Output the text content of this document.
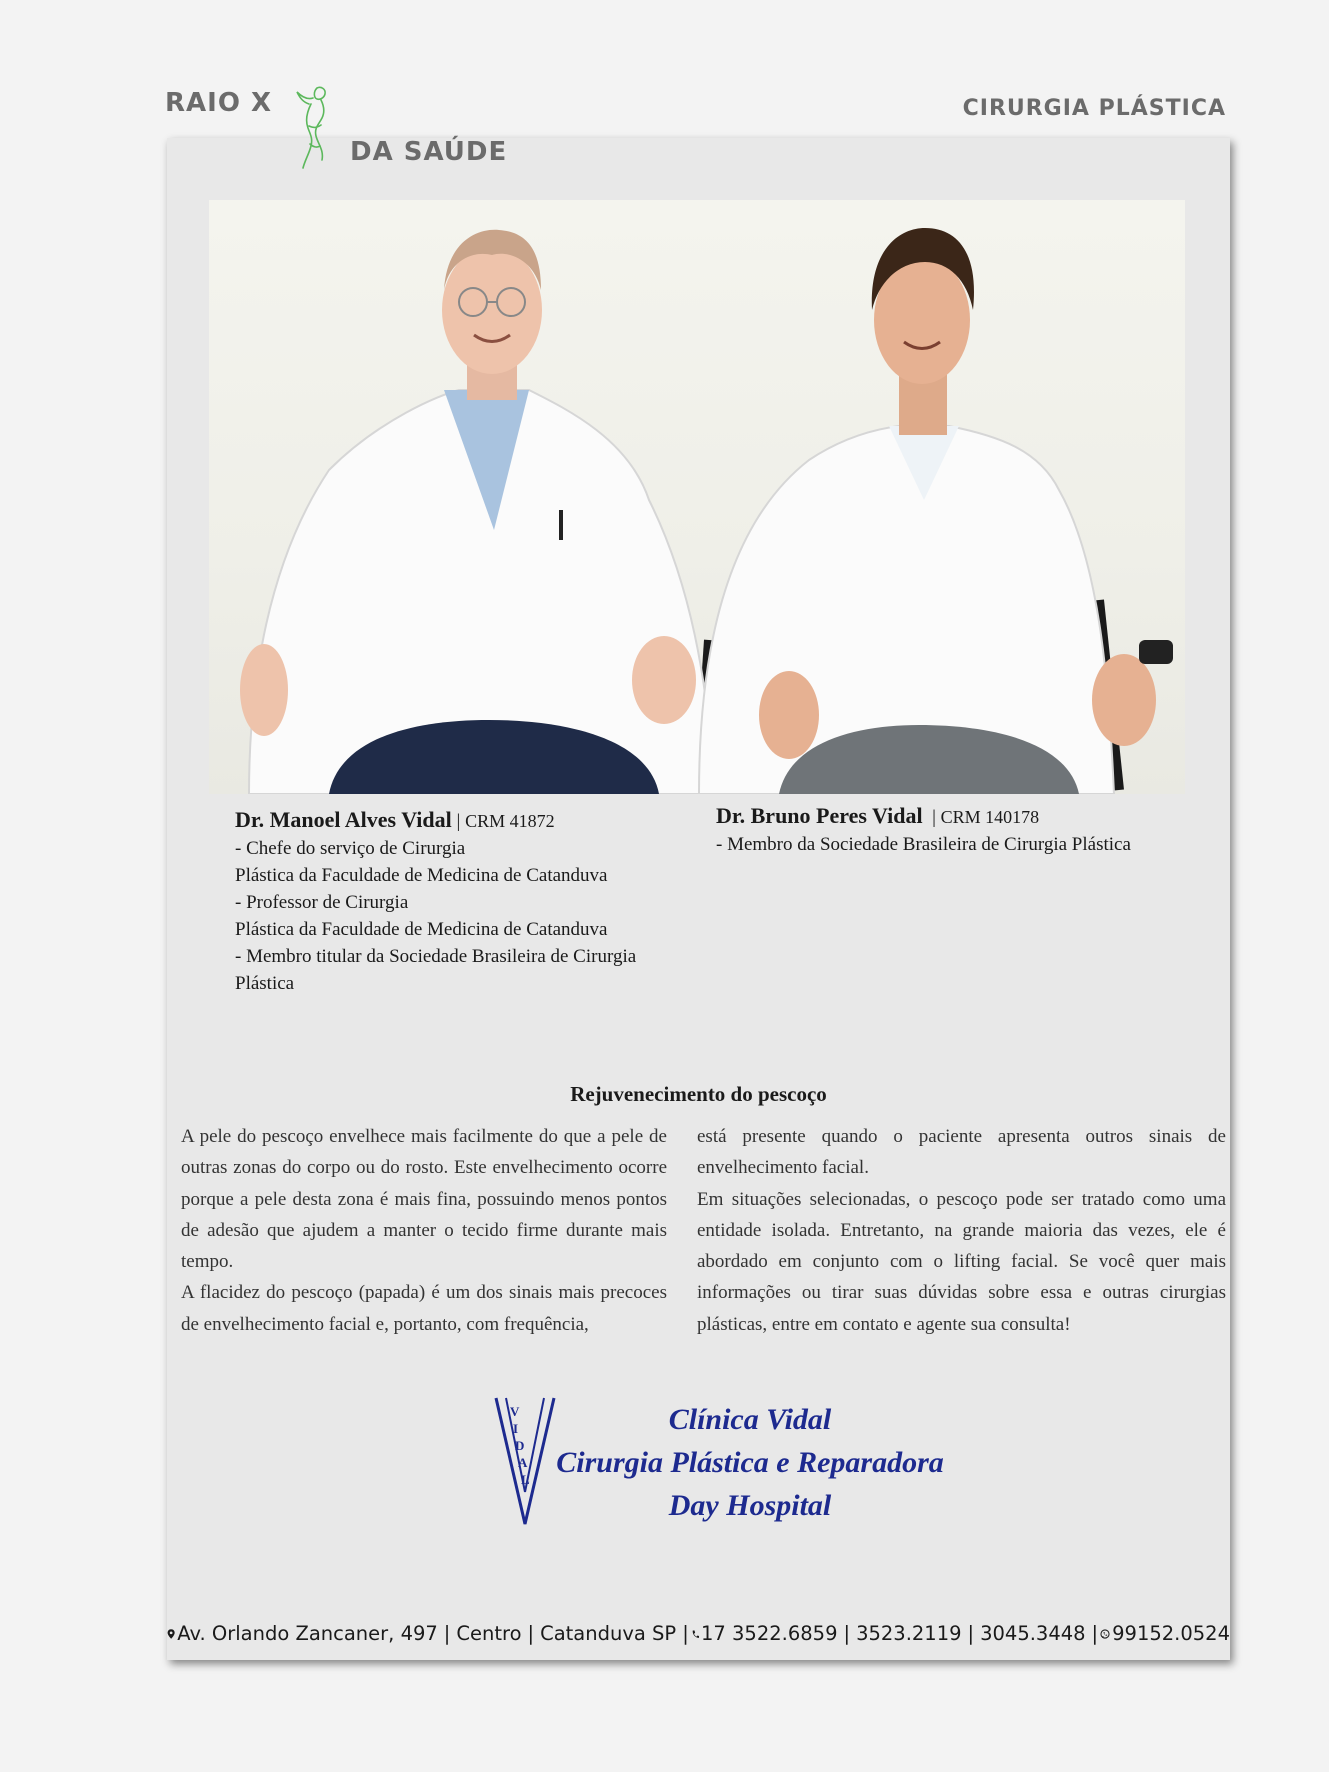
RAIO X
DA SAÚDE
CIRURGIA PLÁSTICA
Dr. Manoel Alves Vidal | CRM 41872
- Chefe do serviço de Cirurgia
Plástica da Faculdade de Medicina de Catanduva
- Professor de Cirurgia
Plástica da Faculdade de Medicina de Catanduva
- Membro titular da Sociedade Brasileira de Cirurgia
Plástica
Dr. Bruno Peres Vidal  | CRM 140178
- Membro da Sociedade Brasileira de Cirurgia Plástica
Rejuvenecimento do pescoço

A pele do pescoço envelhece mais facilmente do que a pele de outras zonas do corpo ou do rosto. Este envelhecimento ocorre porque a pele desta zona é mais fina, possuindo menos pontos de adesão que ajudem a manter o tecido firme durante mais tempo.

A flacidez do pescoço (papada) é um dos sinais mais precoces de envelhecimento facial e, portanto, com frequência,

está presente quando o paciente apresenta outros sinais de envelhecimento facial.

Em situações selecionadas, o pescoço pode ser tratado como uma entidade isolada. Entretanto, na grande maioria das vezes, ele é abordado em conjunto com o lifting facial. Se você quer mais informações ou tirar suas dúvidas sobre essa e outras cirurgias plásticas, entre em contato e agente sua consulta!

V
I
D
A
L
Clínica Vidal
Cirurgia Plástica e Reparadora
Day Hospital
Av. Orlando Zancaner, 497 | Centro | Catanduva SP | 17 3522.6859 | 3523.2119 | 3045.3448 | 99152.0524
